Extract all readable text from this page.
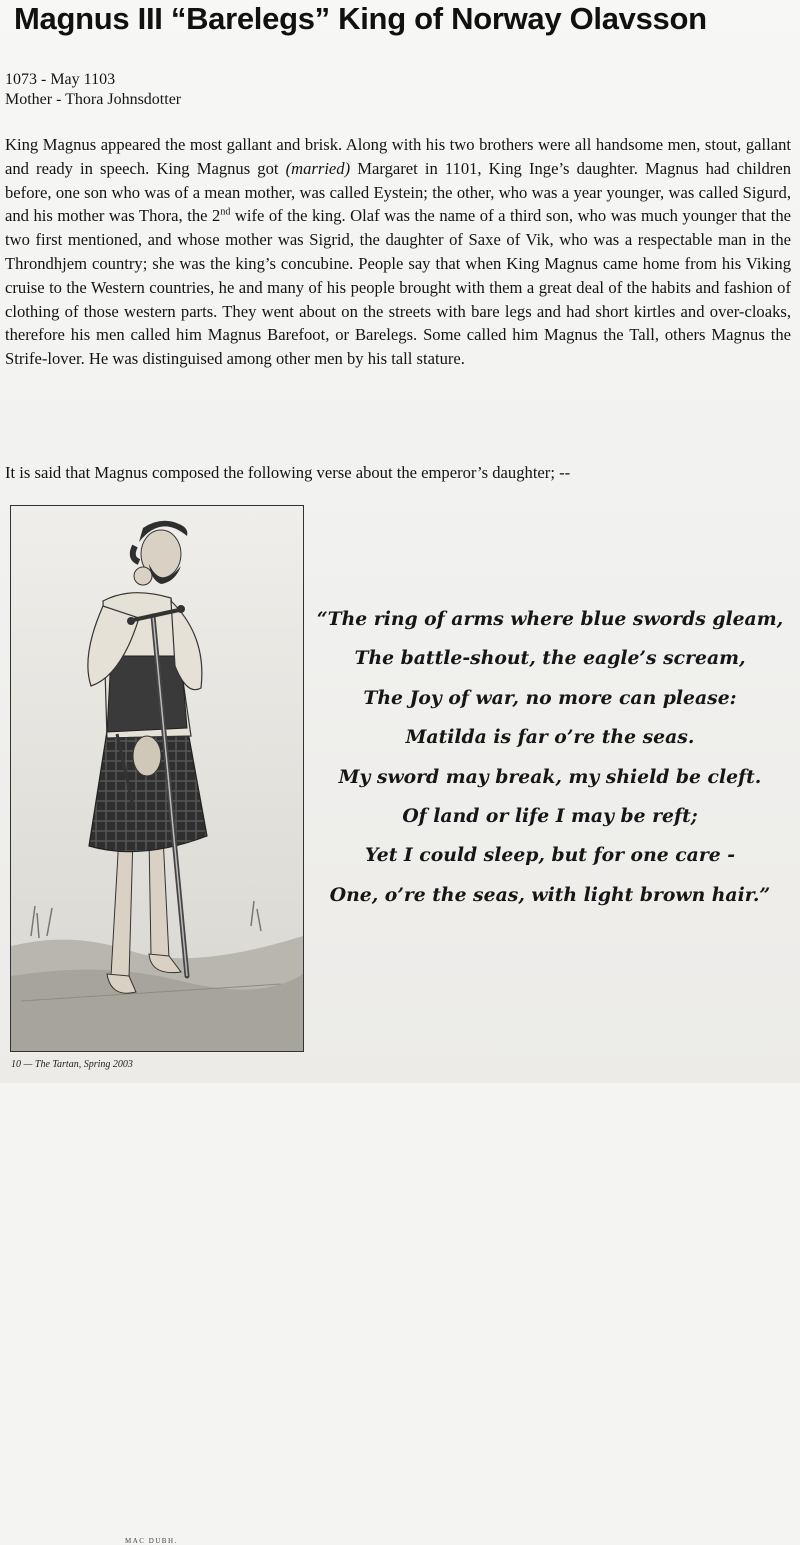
Magnus III “Barelegs” King of Norway Olavsson
1073 - May 1103
Mother - Thora Johnsdotter

King Magnus appeared the most gallant and brisk. Along with his two brothers were all handsome men, stout, gallant and ready in speech. King Magnus got (married) Margaret in 1101, King Inge’s daughter. Magnus had children before, one son who was of a mean mother, was called Eystein; the other, who was a year younger, was called Sigurd, and his mother was Thora, the 2nd wife of the king. Olaf was the name of a third son, who was much younger that the two first mentioned, and whose mother was Sigrid, the daughter of Saxe of Vik, who was a respectable man in the Throndhjem country; she was the king’s concubine. People say that when King Magnus came home from his Viking cruise to the Western countries, he and many of his people brought with them a great deal of the habits and fashion of clothing of those western parts. They went about on the streets with bare legs and had short kirtles and over-cloaks, therefore his men called him Magnus Barefoot, or Barelegs. Some called him Magnus the Tall, others Magnus the Strife-lover. He was distinguised among other men by his tall stature.

It is said that Magnus composed the following verse about the emperor’s daughter; --
MAC DUBH.
“The ring of arms where blue swords gleam,
The battle-shout, the eagle’s scream,
The Joy of war, no more can please:
Matilda is far o’re the seas.
My sword may break, my shield be cleft.
Of land or life I may be reft;
Yet I could sleep, but for one care -
One, o’re the seas, with light brown hair.”
10 — The Tartan, Spring 2003
